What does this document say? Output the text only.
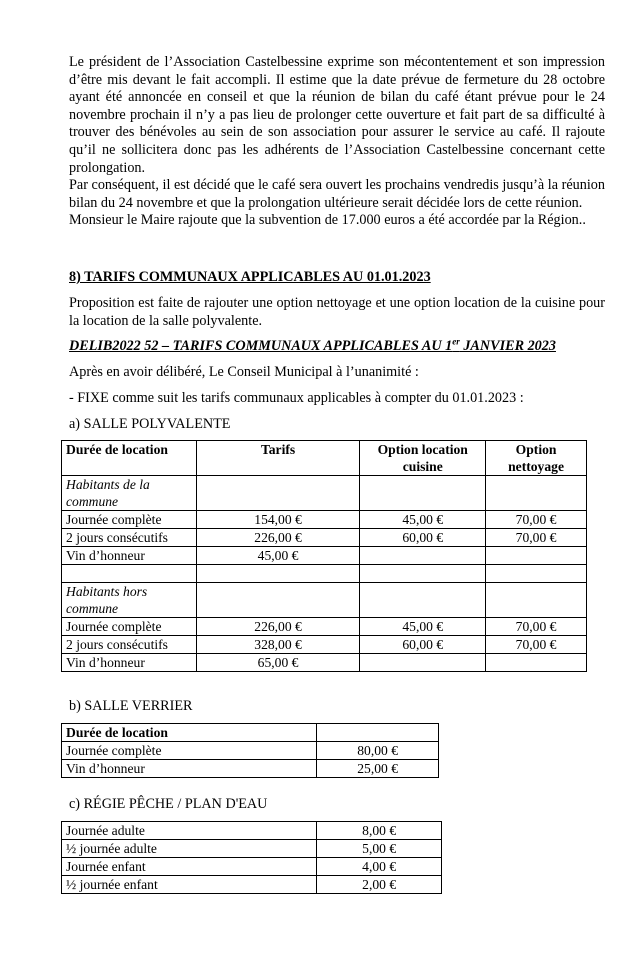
Le président de l’Association Castelbessine exprime son mécontentement et son impression d’être mis devant le fait accompli. Il estime que la date prévue de fermeture du 28 octobre ayant été annoncée en conseil et que la réunion de bilan du café étant prévue pour le 24 novembre prochain il n’y a pas lieu de prolonger cette ouverture et fait part de sa difficulté à trouver des bénévoles au sein de son association pour assurer le service au café. Il rajoute qu’il ne sollicitera donc pas les adhérents de l’Association Castelbessine concernant cette prolongation.

Par conséquent, il est décidé que le café sera ouvert les prochains vendredis jusqu’à la réunion bilan du 24 novembre et que la prolongation ultérieure serait décidée lors de cette réunion.

Monsieur le Maire rajoute que la subvention de 17.000 euros a été accordée par la Région..

8) TARIFS COMMUNAUX APPLICABLES AU 01.01.2023

Proposition est faite de rajouter une option nettoyage et une option location de la cuisine pour la location de la salle polyvalente.

DELIB2022 52 – TARIFS COMMUNAUX APPLICABLES AU 1er JANVIER 2023
Après en avoir délibéré, Le Conseil Municipal à l’unanimité :
- FIXE comme suit les tarifs communaux applicables à compter du 01.01.2023 :
a) SALLE POLYVALENTE
Durée de location	Tarifs	Option location cuisine	Option nettoyage
Habitants de la commune			
Journée complète	154,00 €	45,00 €	70,00 €
2 jours consécutifs	226,00 €	60,00 €	70,00 €
Vin d’honneur	45,00 €		

Habitants hors commune			
Journée complète	226,00 €	45,00 €	70,00 €
2 jours consécutifs	328,00 €	60,00 €	70,00 €
Vin d’honneur	65,00 €		
b) SALLE VERRIER
Durée de location	
Journée complète	80,00 €
Vin d’honneur	25,00 €
c) RÉGIE PÊCHE / PLAN D'EAU
Journée adulte	8,00 €
½ journée adulte	5,00 €
Journée enfant	4,00 €
½ journée enfant	2,00 €
